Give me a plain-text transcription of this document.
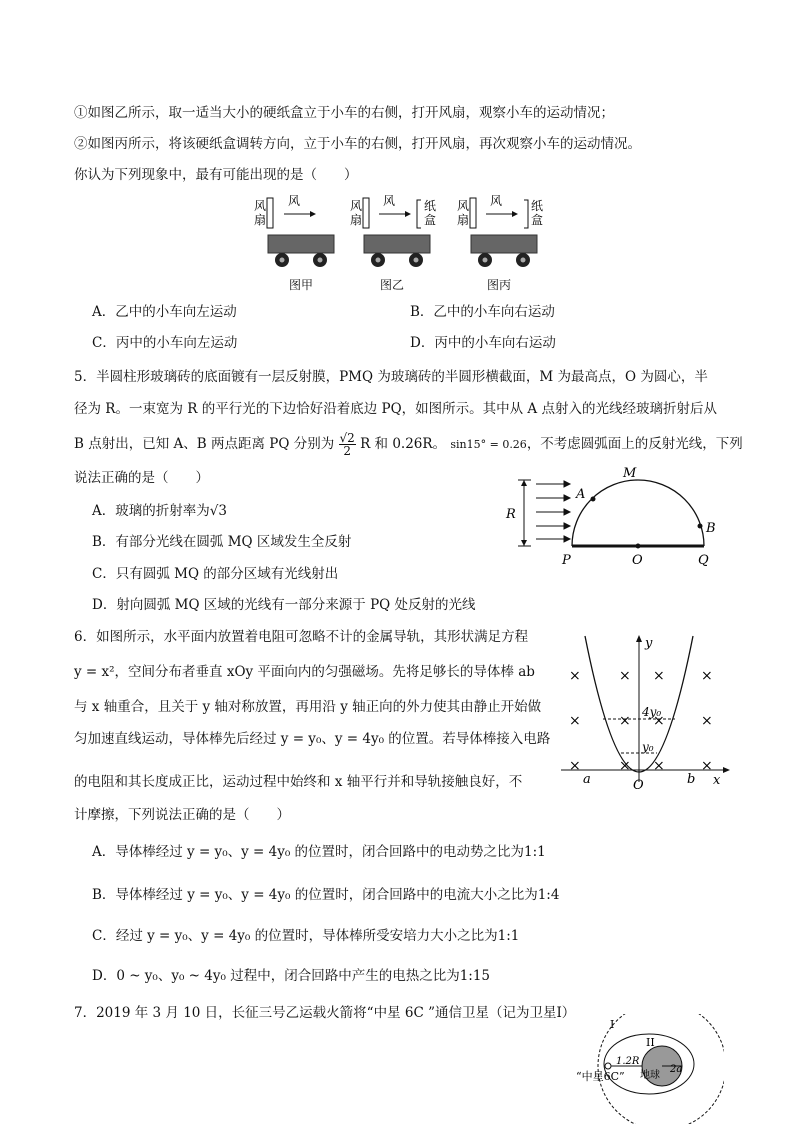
①如图乙所示，取一适当大小的硬纸盒立于小车的右侧，打开风扇，观察小车的运动情况；
②如图丙所示，将该硬纸盒调转方向，立于小车的右侧，打开风扇，再次观察小车的运动情况。
你认为下列现象中，最有可能出现的是（　　）
风扇
风	风扇
风 纸盒
风扇
风 纸盒
图甲	图乙	图丙
A．乙中的小车向左运动	B．乙中的小车向右运动
C．丙中的小车向左运动	D．丙中的小车向右运动
5．半圆柱形玻璃砖的底面镀有一层反射膜，PMQ 为玻璃砖的半圆形横截面，M 为最高点，O 为圆心，半
径为 R。一束宽为 R 的平行光的下边恰好沿着底边 PQ，如图所示。其中从 A 点射入的光线经玻璃折射后从
B 点射出，已知 A、B 两点距离 PQ 分别为 $\frac{√2}{2}$ R 和 0.26R。 sin15° = 0.26，不考虑圆弧面上的反射光线，下列
说法正确的是（　　）
A．玻璃的折射率为√3
B．有部分光线在圆弧 MQ 区域发生全反射
C．只有圆弧 MQ 的部分区域有光线射出
D．射向圆弧 MQ 区域的光线有一部分来源于 PQ 处反射的光线
R
M
A
B
P	O	Q
6．如图所示，水平面内放置着电阻可忽略不计的金属导轨，其形状满足方程
y = x²，空间分布者垂直 xOy 平面向内的匀强磁场。先将足够长的导体棒 ab
与 x 轴重合，且关于 y 轴对称放置，再用沿 y 轴正向的外力使其由静止开始做
匀加速直线运动，导体棒先后经过 y = y₀、y = 4y₀ 的位置。若导体棒接入电路
的电阻和其长度成正比，运动过程中始终和 x 轴平行并和导轨接触良好，不
计摩擦，下列说法正确的是（　　）
A．导体棒经过 y = y₀、y = 4y₀ 的位置时，闭合回路中的电动势之比为1:1
B．导体棒经过 y = y₀、y = 4y₀ 的位置时，闭合回路中的电流大小之比为1:4
C．经过 y = y₀、y = 4y₀ 的位置时，导体棒所受安培力大小之比为1:1
D．0 ~ y₀、y₀ ~ 4y₀ 过程中，闭合回路中产生的电热之比为1:15
y
x
O
a	b
4y₀
y₀
×	× ×	×
×	× ×	×
×	× ×	×
7．2019 年 3 月 10 日，长征三号乙运载火箭将“中星 6C ”通信卫星（记为卫星Ⅰ）
I
II
1.2R
2a
“中星6C” 地球
